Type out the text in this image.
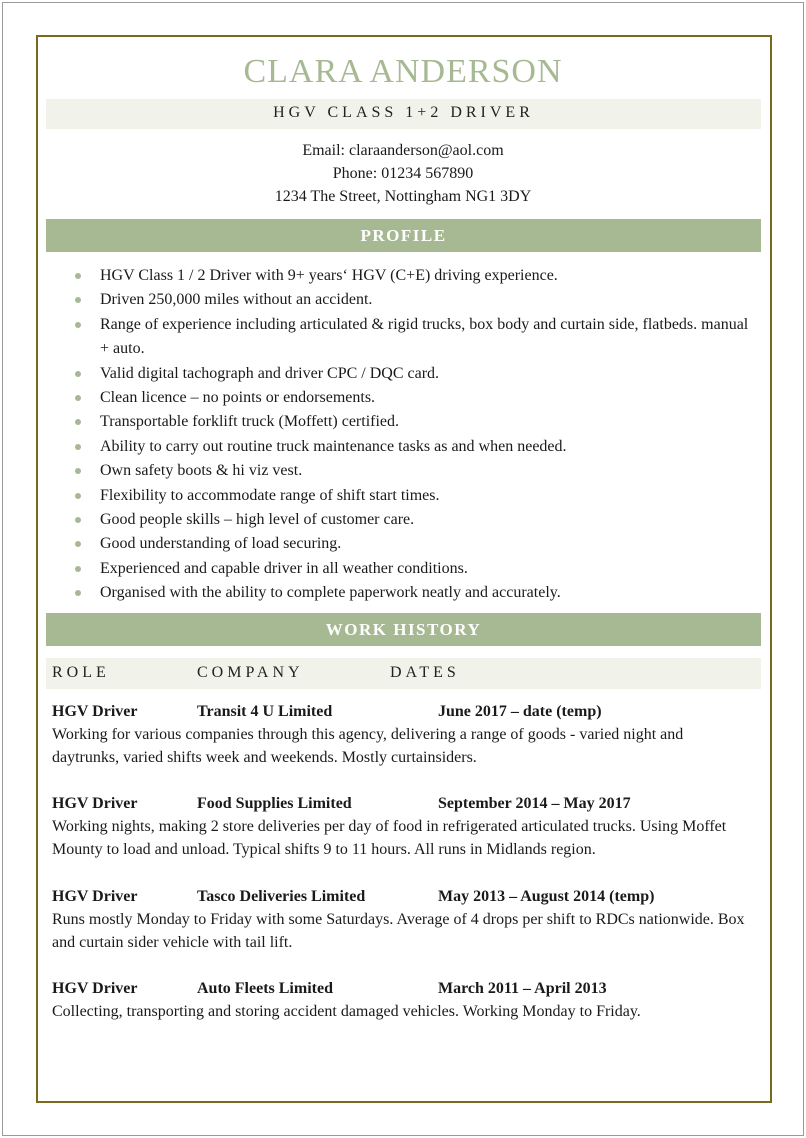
CLARA ANDERSON
HGV CLASS 1+2 DRIVER
Email: claraanderson@aol.com
Phone: 01234 567890
1234 The Street, Nottingham NG1 3DY
PROFILE
HGV Class 1 / 2 Driver with 9+ years‘ HGV (C+E) driving experience.
Driven 250,000 miles without an accident.
Range of experience including articulated & rigid trucks, box body and curtain side, flatbeds. manual + auto.
Valid digital tachograph and driver CPC / DQC card.
Clean licence – no points or endorsements.
Transportable forklift truck (Moffett) certified.
Ability to carry out routine truck maintenance tasks as and when needed.
Own safety boots & hi viz vest.
Flexibility to accommodate range of shift start times.
Good people skills – high level of customer care.
Good understanding of load securing.
Experienced and capable driver in all weather conditions.
Organised with the ability to complete paperwork neatly and accurately.
WORK HISTORY
ROLE	COMPANY	DATES
HGV Driver	Transit 4 U Limited	June 2017 – date (temp)
Working for various companies through this agency, delivering a range of goods - varied night and daytrunks, varied shifts week and weekends. Mostly curtainsiders.
HGV Driver	Food Supplies Limited	September 2014 – May 2017
Working nights, making 2 store deliveries per day of food in refrigerated articulated trucks. Using Moffet Mounty to load and unload. Typical shifts 9 to 11 hours. All runs in Midlands region.
HGV Driver	Tasco Deliveries Limited	May 2013 – August 2014 (temp)
Runs mostly Monday to Friday with some Saturdays. Average of 4 drops per shift to RDCs nationwide. Box and curtain sider vehicle with tail lift.
HGV Driver	Auto Fleets Limited	March 2011 – April 2013
Collecting, transporting and storing accident damaged vehicles. Working Monday to Friday.
